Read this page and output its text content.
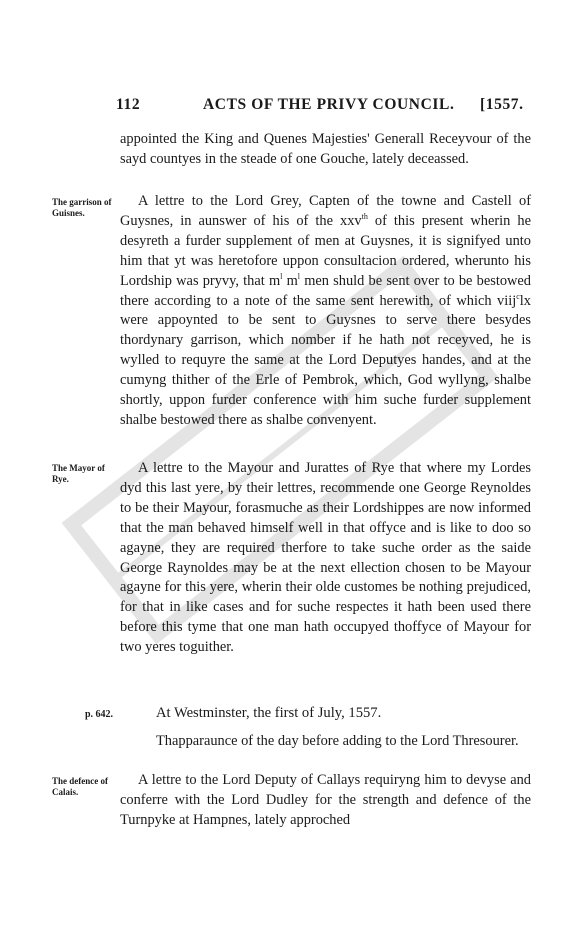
112	ACTS OF THE PRIVY COUNCIL. [1557.
appointed the King and Quenes Majesties' Generall Receyvour of the sayd countyes in the steade of one Gouche, lately deceassed.
The garrison of Guisnes.
A lettre to the Lord Grey, Capten of the towne and Castell of Guysnes, in aunswer of his of the xxv$^{th}$ of this present wherin he desyreth a furder supplement of men at Guysnes, it is signifyed unto him that yt was heretofore uppon consultacion ordered, wherunto his Lordship was pryvy, that $m^l$ $m^l$ men shuld be sent over to be bestowed there according to a note of the same sent herewith, of which viij$^c$lx were appoynted to be sent to Guysnes to serve there besydes thordynary garrison, which nomber if he hath not receyved, he is wylled to requyre the same at the Lord Deputyes handes, and at the cumyng thither of the Erle of Pembrok, which, God wyllyng, shalbe shortly, uppon furder conference with him suche furder supplement shalbe bestowed there as shalbe convenyent.
The Mayor of Rye.
A lettre to the Mayour and Jurattes of Rye that where my Lordes dyd this last yere, by their lettres, recommende one George Reynoldes to be their Mayour, forasmuche as their Lordshippes are now informed that the man behaved himself well in that offyce and is like to doo so agayne, they are required therfore to take suche order as the saide George Raynoldes may be at the next ellection chosen to be Mayour agayne for this yere, wherin their olde customes be nothing prejudiced, for that in like cases and for suche respectes it hath been used there before this tyme that one man hath occupyed thoffyce of Mayour for two yeres toguither.
p. 642.	At Westminster, the first of July, 1557.
Thapparaunce of the day before adding to the Lord Thresourer.
The defence of Calais.
A lettre to the Lord Deputy of Callays requiryng him to devyse and conferre with the Lord Dudley for the strength and defence of the Turnpyke at Hampnes, lately approched
